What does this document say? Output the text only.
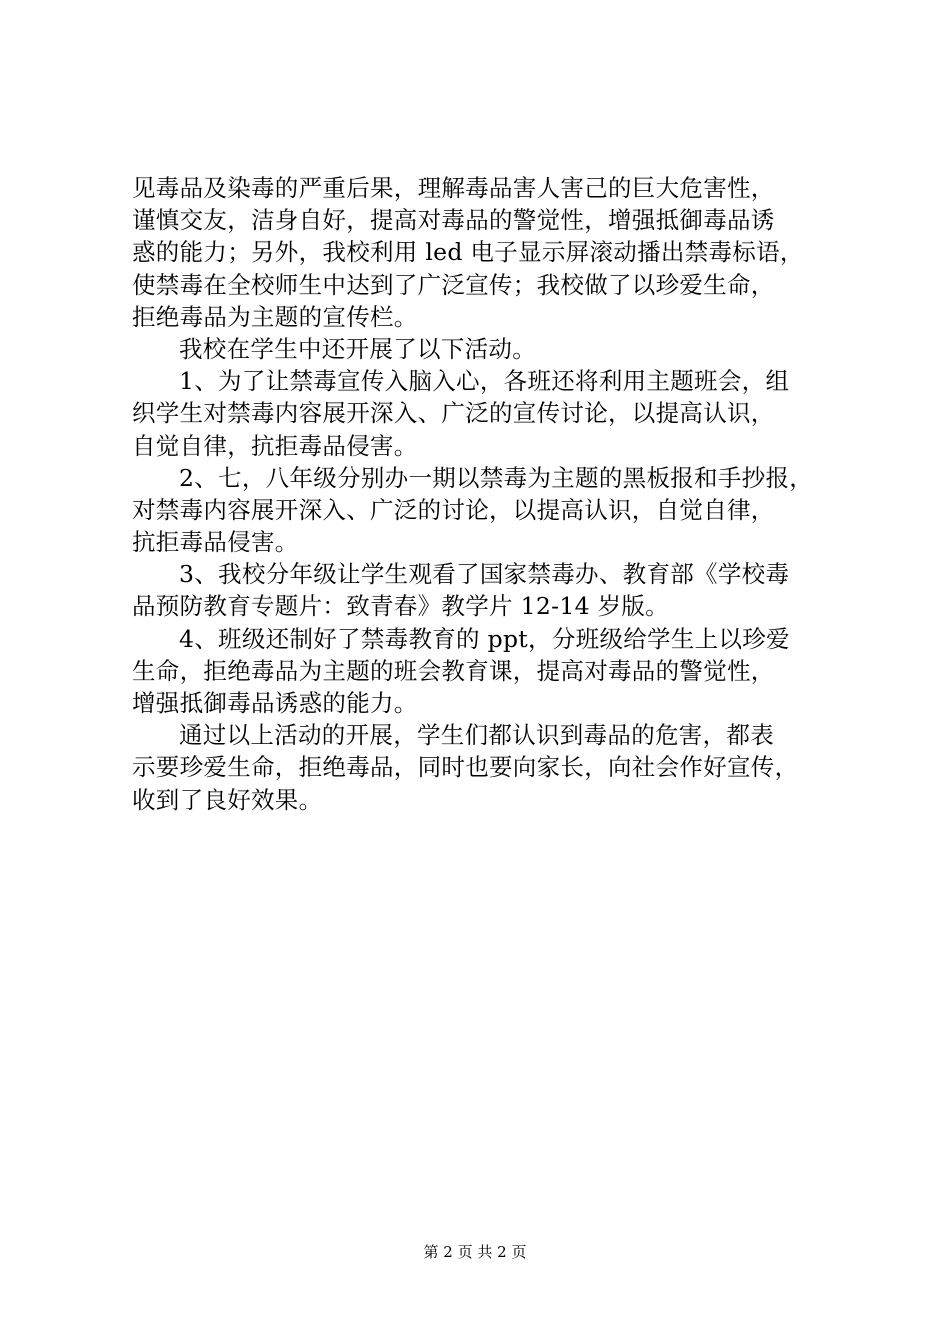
见毒品及染毒的严重后果，理解毒品害人害己的巨大危害性，
谨慎交友，洁身自好，提高对毒品的警觉性，增强抵御毒品诱
惑的能力；另外，我校利用 led 电子显示屏滚动播出禁毒标语，
使禁毒在全校师生中达到了广泛宣传；我校做了以珍爱生命，
拒绝毒品为主题的宣传栏。
我校在学生中还开展了以下活动。
1、为了让禁毒宣传入脑入心，各班还将利用主题班会，组
织学生对禁毒内容展开深入、广泛的宣传讨论，以提高认识，
自觉自律，抗拒毒品侵害。
2、七，八年级分别办一期以禁毒为主题的黑板报和手抄报，
对禁毒内容展开深入、广泛的讨论，以提高认识，自觉自律，
抗拒毒品侵害。
3、我校分年级让学生观看了国家禁毒办、教育部《学校毒
品预防教育专题片：致青春》教学片 12-14 岁版。
4、班级还制好了禁毒教育的 ppt，分班级给学生上以珍爱
生命，拒绝毒品为主题的班会教育课，提高对毒品的警觉性，
增强抵御毒品诱惑的能力。
通过以上活动的开展，学生们都认识到毒品的危害，都表
示要珍爱生命，拒绝毒品，同时也要向家长，向社会作好宣传，
收到了良好效果。
第 2 页 共 2 页
